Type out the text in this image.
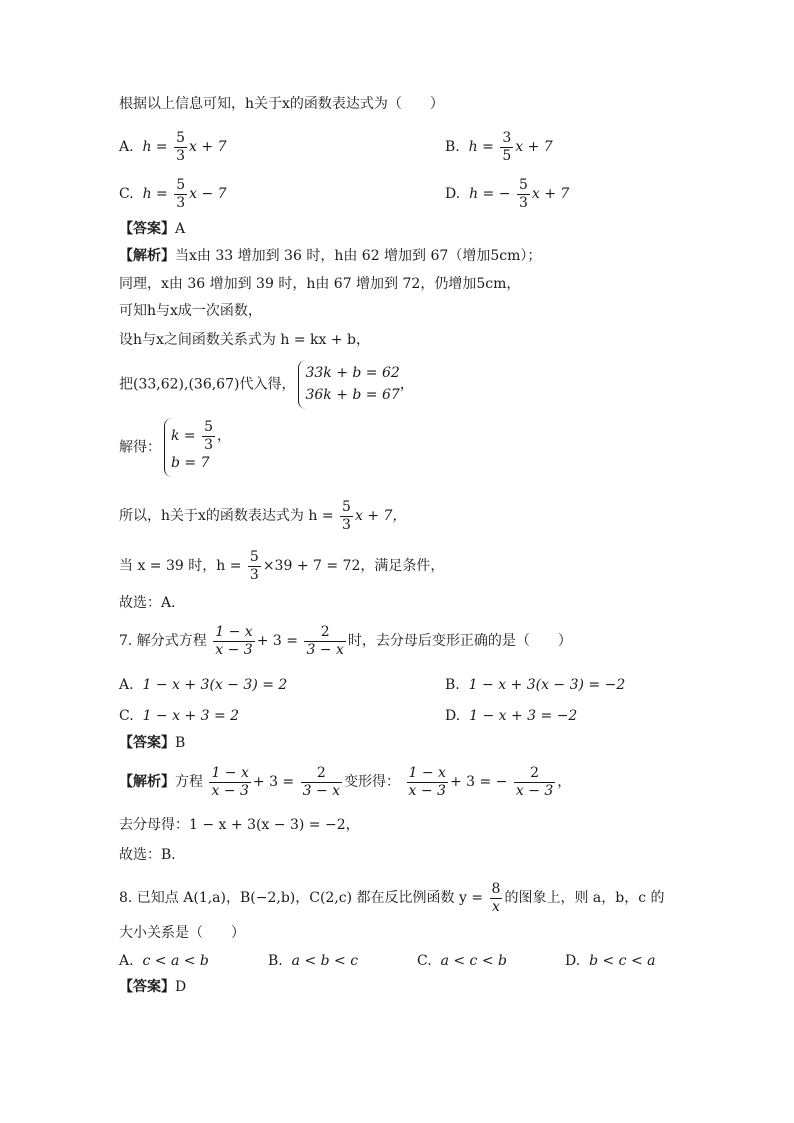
根据以上信息可知，h关于x的函数表达式为（　　）
A. $h = \frac{5}{3}$ x + 7	B. $h = \frac{3}{5}$ x + 7
C. $h = \frac{5}{3}$ x − 7	D. h = − $\frac{5}{3}$ x + 7
【答案】A
【解析】当x由 33 增加到 36 时，h由 62 增加到 67（增加5cm）；
同理，x由 36 增加到 39 时，h由 67 增加到 72，仍增加5cm，
可知h与x成一次函数，
设h与x之间函数关系式为 h = kx + b，
把(33,62),(36,67)代入得，
33k + b = 62
36k + b = 67
，
解得：
$k = \frac{5}{3}$ ，
b = 7
所以，h关于x的函数表达式为 $h = \frac{5}{3}$ x + 7，
当 x = 39 时，$h = \frac{5}{3} \times 39 + 7 = 72$，满足条件，
故选：A．
7. 解分式方程 $\frac{1 - x}{x - 3} + 3 = \frac{2}{3 - x}$ 时，去分母后变形正确的是（　　）
A. 1 − x + 3(x − 3) = 2	B. 1 − x + 3(x − 3) = −2
C. 1 − x + 3 = 2	D. 1 − x + 3 = −2
【答案】B
【解析】方程 $\frac{1 - x}{x - 3} + 3 = \frac{2}{3 - x}$ 变形得： $\frac{1 - x}{x - 3} + 3$ = − $\frac{2}{x - 3}$ ，
去分母得：1 − x + 3(x − 3) = −2，
故选：B．
8. 已知点 A(1,a)，B(−2,b)，C(2,c) 都在反比例函数 $y = \frac{8}{x}$ 的图象上，则 a，b，c 的
大小关系是（　　）
A. c < a < b	B. a < b < c	C. a < c < b	D. b < c < a
【答案】D
